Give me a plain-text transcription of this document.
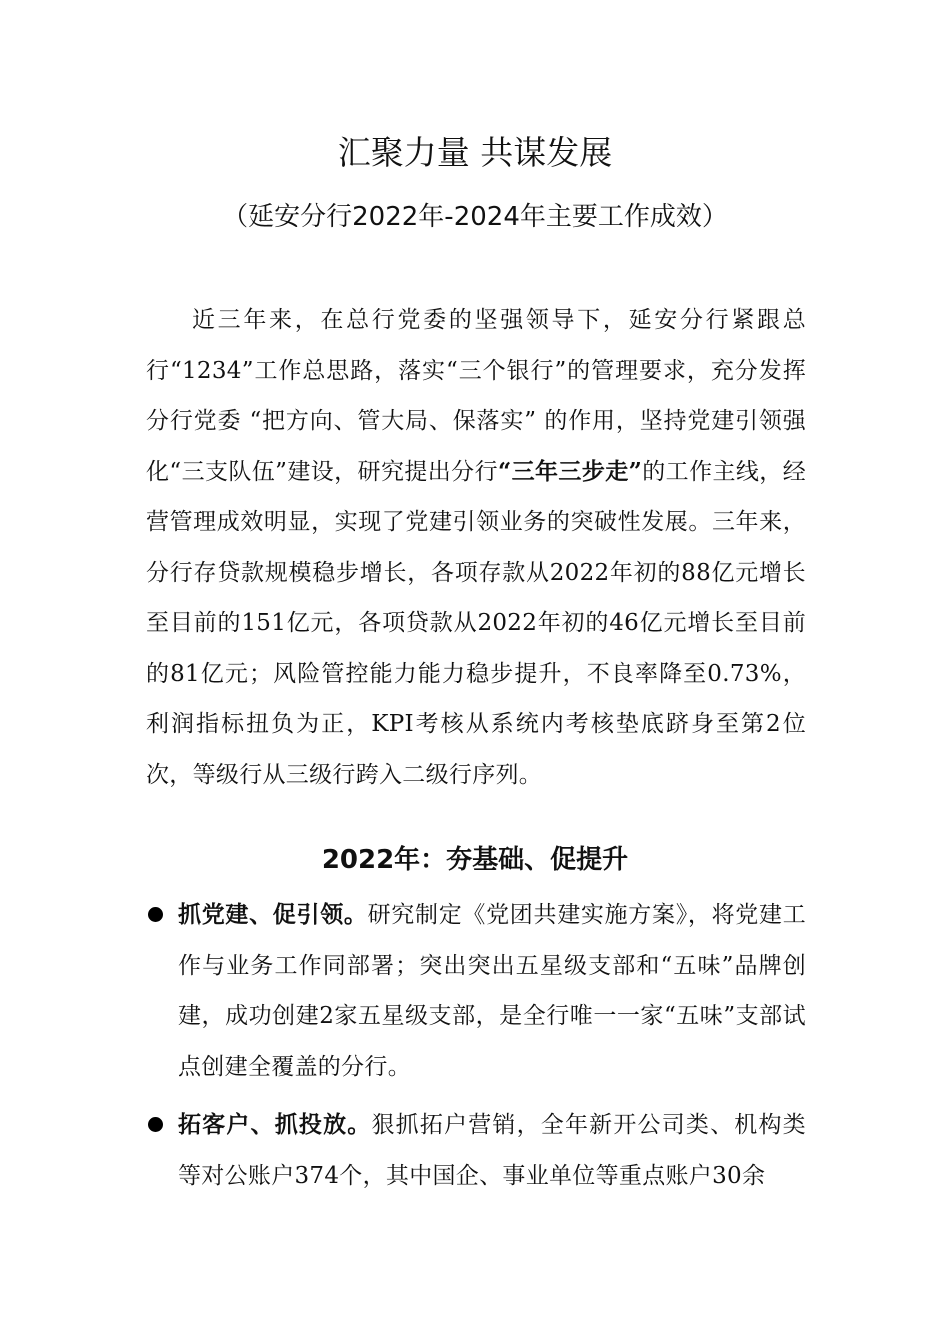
汇聚力量 共谋发展

（延安分行2022年-2024年主要工作成效）

近三年来，在总行党委的坚强领导下，延安分行紧跟总行“1234”工作总思路，落实“三个银行”的管理要求，充分发挥分行党委 “把方向、管大局、保落实” 的作用，坚持党建引领强化“三支队伍”建设，研究提出分行“三年三步走”的工作主线，经营管理成效明显，实现了党建引领业务的突破性发展。三年来，分行存贷款规模稳步增长，各项存款从2022年初的88亿元增长至目前的151亿元，各项贷款从2022年初的46亿元增长至目前的81亿元；风险管控能力能力稳步提升，不良率降至0.73%，利润指标扭负为正，KPI考核从系统内考核垫底跻身至第2位次，等级行从三级行跨入二级行序列。

2022年：夯基础、促提升
抓党建、促引领。研究制定《党团共建实施方案》，将党建工作与业务工作同部署；突出突出五星级支部和“五味”品牌创建，成功创建2家五星级支部，是全行唯一一家“五味”支部试点创建全覆盖的分行。
拓客户、抓投放。狠抓拓户营销，全年新开公司类、机构类等对公账户374个，其中国企、事业单位等重点账户30余
